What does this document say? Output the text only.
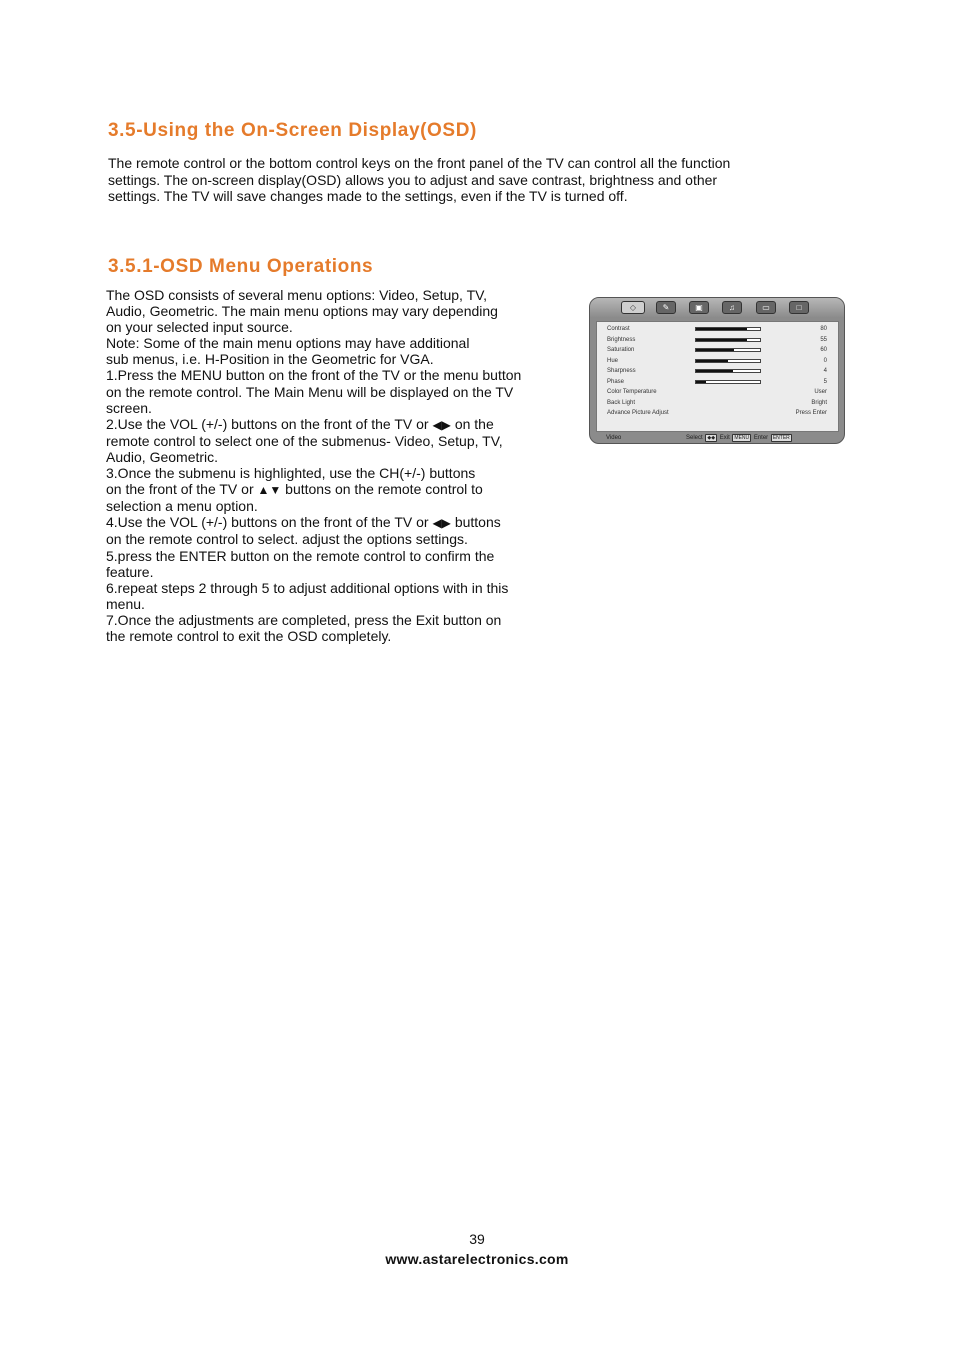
3.5-Using the On-Screen Display(OSD)

The remote control or the bottom control keys on the front panel of the TV can control all the function
settings. The on-screen display(OSD) allows you to adjust and save contrast, brightness and other
settings. The TV will save changes made to the settings, even if the TV is turned off.

3.5.1-OSD Menu Operations
The OSD consists of several menu options: Video, Setup, TV,
Audio, Geometric. The main menu options may vary depending
on your selected input source.
Note: Some of the main menu options may have additional
sub menus, i.e. H-Position in the Geometric for VGA.
1.Press the MENU button on the front of the TV or the menu button
on the remote control. The Main Menu will be displayed on the TV
screen.
2.Use the VOL (+/-) buttons on the front of the TV or ◀▶ on the
remote control to select one of the submenus- Video, Setup, TV,
Audio, Geometric.
3.Once the submenu is highlighted, use the CH(+/-) buttons
on the front of the TV or ▲▼ buttons on the remote control to
selection a menu option.
4.Use the VOL (+/-) buttons on the front of the TV or ◀▶ buttons
on the remote control to select. adjust the options settings.
5.press the ENTER button on the remote control to confirm the
feature.
6.repeat steps 2 through 5 to adjust additional options with in this
menu.
7.Once the adjustments are completed, press the Exit button on
the remote control to exit the OSD completely.
◇	✎	▣	♫	▭	□
Contrast	80
Brightness	55
Saturation	60
Hue	0
Sharpness	4
Phase	5
Color Temperature	User
Back Light	Bright
Advance Picture Adjust	Press Enter
Video	Select ◆◆ Exit MENU Enter ENTER
39
www.astarelectronics.com
